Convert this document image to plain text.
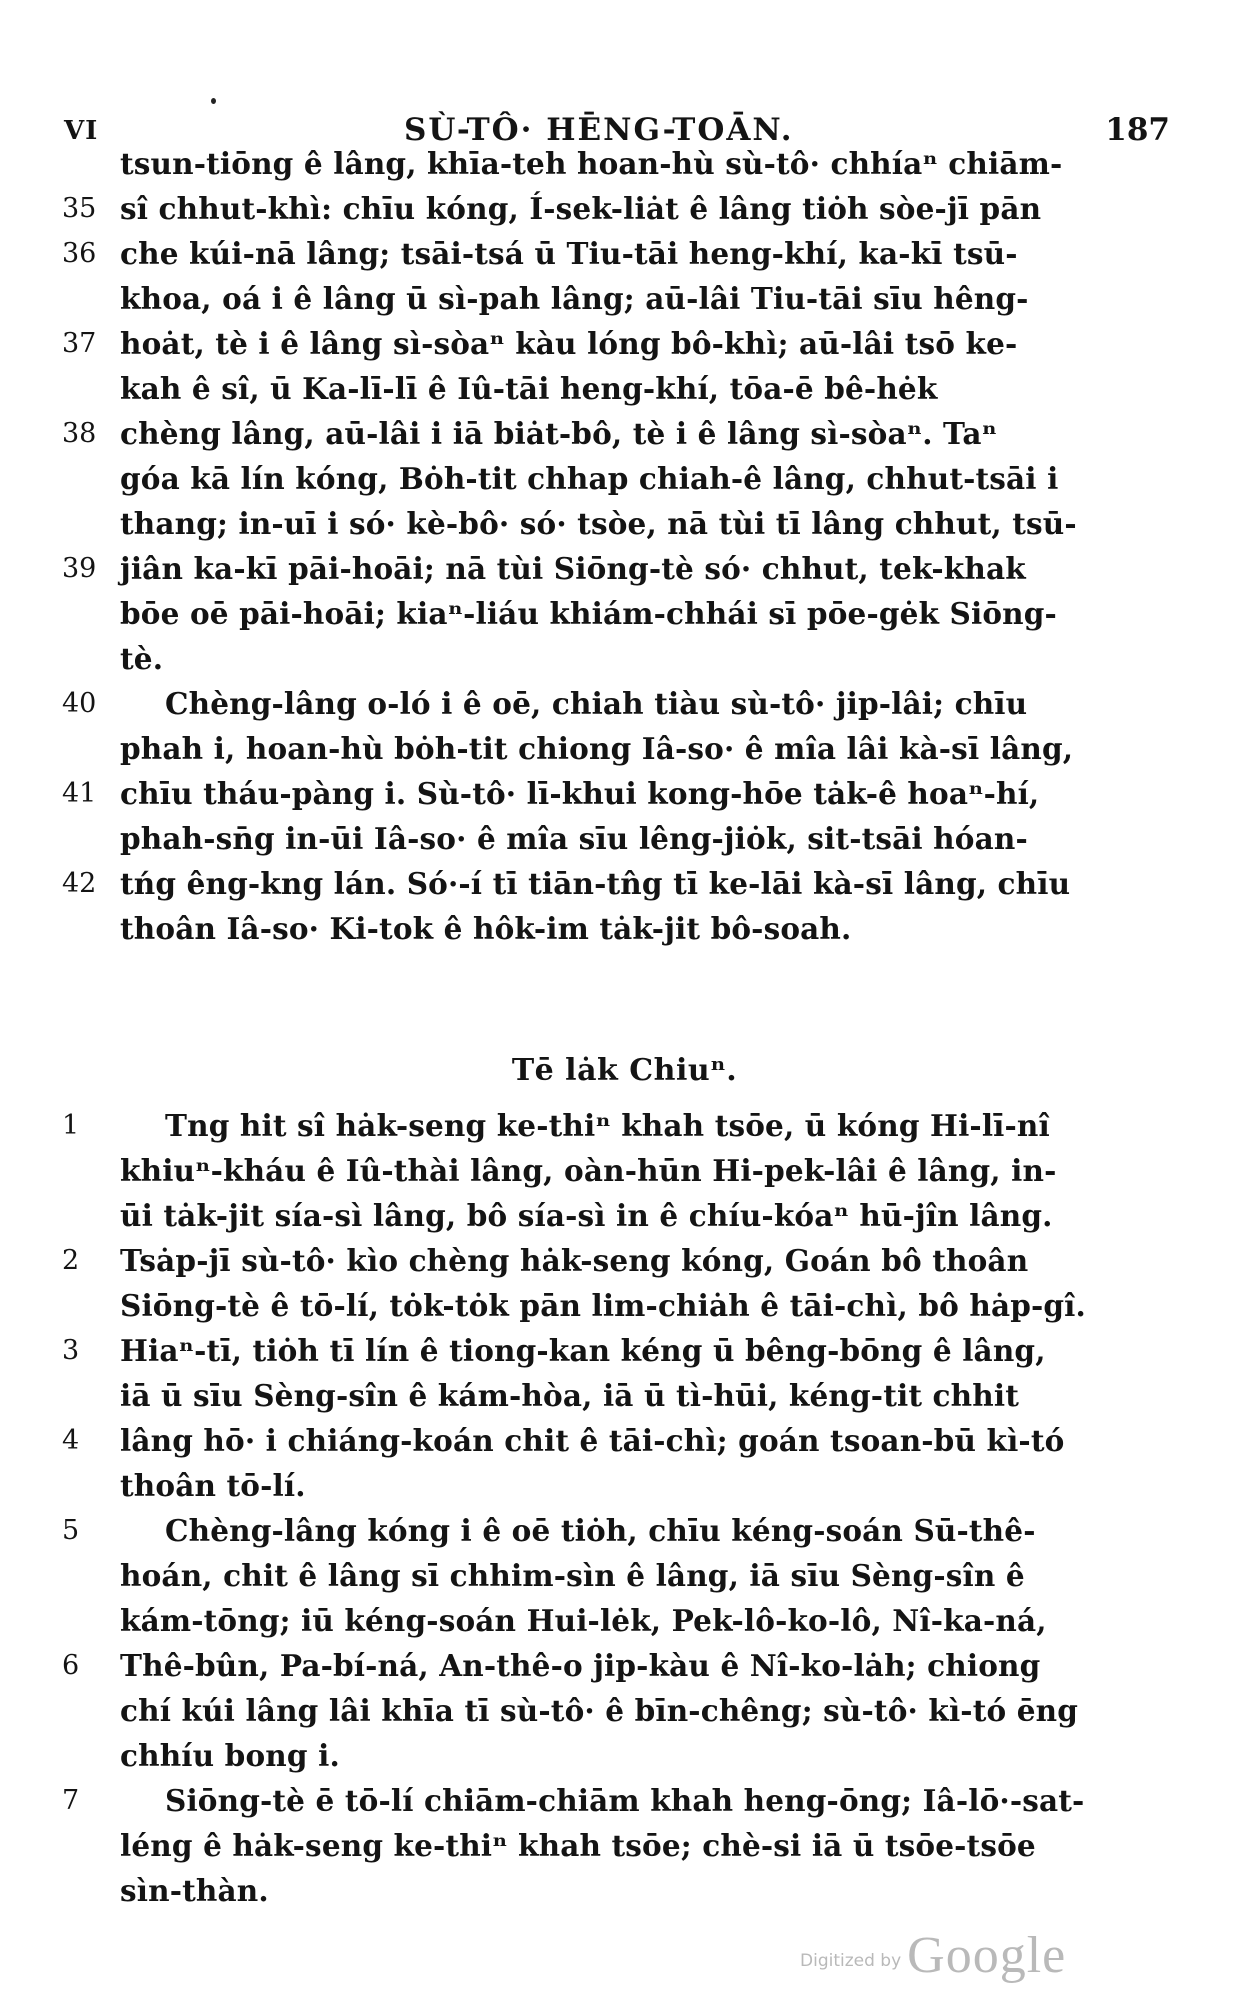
VI	SÙ-TÔ· HĒNG-TOĀN.	187
tsun-tiōng ê lâng, khīa-teh hoan-hù sù-tô· chhíaⁿ chiām-
35 sî chhut-khì: chīu kóng, Í-sek-liȧt ê lâng tiȯh sòe-jī pān
36 che kúi-nā lâng; tsāi-tsá ū Tiu-tāi heng-khí, ka-kī tsū-
khoa, oá i ê lâng ū sì-pah lâng; aū-lâi Tiu-tāi sīu hêng-
37 hoȧt, tè i ê lâng sì-sòaⁿ kàu lóng bô-khì; aū-lâi tsō ke-
kah ê sî, ū Ka-lī-lī ê Iû-tāi heng-khí, tōa-ē bê-hėk
38 chèng lâng, aū-lâi i iā biȧt-bô, tè i ê lâng sì-sòaⁿ. Taⁿ
góa kā lín kóng, Bȯh-tit chhap chiah-ê lâng, chhut-tsāi i
thang; in-uī i só· kè-bô· só· tsòe, nā tùi tī lâng chhut, tsū-
39 jiân ka-kī pāi-hoāi; nā tùi Siōng-tè só· chhut, tek-khak
bōe oē pāi-hoāi; kiaⁿ-liáu khiám-chhái sī pōe-gėk Siōng-
tè.
40 Chèng-lâng o-ló i ê oē, chiah tiàu sù-tô· jip-lâi; chīu
phah i, hoan-hù bȯh-tit chiong Iâ-so· ê mîa lâi kà-sī lâng,
41 chīu tháu-pàng i. Sù-tô· lī-khui kong-hōe tȧk-ê hoaⁿ-hí,
phah-sn̄g in-ūi Iâ-so· ê mîa sīu lêng-jiȯk, sit-tsāi hóan-
42 tńg êng-kng lán. Só·-í tī tiān-tn̂g tī ke-lāi kà-sī lâng, chīu
thoân Iâ-so· Ki-tok ê hôk-im tȧk-jit bô-soah.
Tē lȧk Chiuⁿ.
1	Tng hit sî hȧk-seng ke-thiⁿ khah tsōe, ū kóng Hi-lī-nî
khiuⁿ-kháu ê Iû-thài lâng, oàn-hūn Hi-pek-lâi ê lâng, in-
ūi tȧk-jit sía-sì lâng, bô sía-sì in ê chíu-kóaⁿ hū-jîn lâng.
2 Tsȧp-jī sù-tô· kìo chèng hȧk-seng kóng, Goán bô thoân
Siōng-tè ê tō-lí, tȯk-tȯk pān lim-chiȧh ê tāi-chì, bô hȧp-gî.
3 Hiaⁿ-tī, tiȯh tī lín ê tiong-kan kéng ū bêng-bōng ê lâng,
iā ū sīu Sèng-sîn ê kám-hòa, iā ū tì-hūi, kéng-tit chhit
4 lâng hō· i chiáng-koán chit ê tāi-chì; goán tsoan-bū kì-tó
thoân tō-lí.
5	Chèng-lâng kóng i ê oē tiȯh, chīu kéng-soán Sū-thê-
hoán, chit ê lâng sī chhim-sìn ê lâng, iā sīu Sèng-sîn ê
kám-tōng; iū kéng-soán Hui-lėk, Pek-lô-ko-lô, Nî-ka-ná,
6 Thê-bûn, Pa-bí-ná, An-thê-o jip-kàu ê Nî-ko-lȧh; chiong
chí kúi lâng lâi khīa tī sù-tô· ê bīn-chêng; sù-tô· kì-tó ēng
chhíu bong i.
7	Siōng-tè ē tō-lí chiām-chiām khah heng-ōng; Iâ-lō·-sat-
léng ê hȧk-seng ke-thiⁿ khah tsōe; chè-si iā ū tsōe-tsōe
sìn-thàn.
Digitized by Google
